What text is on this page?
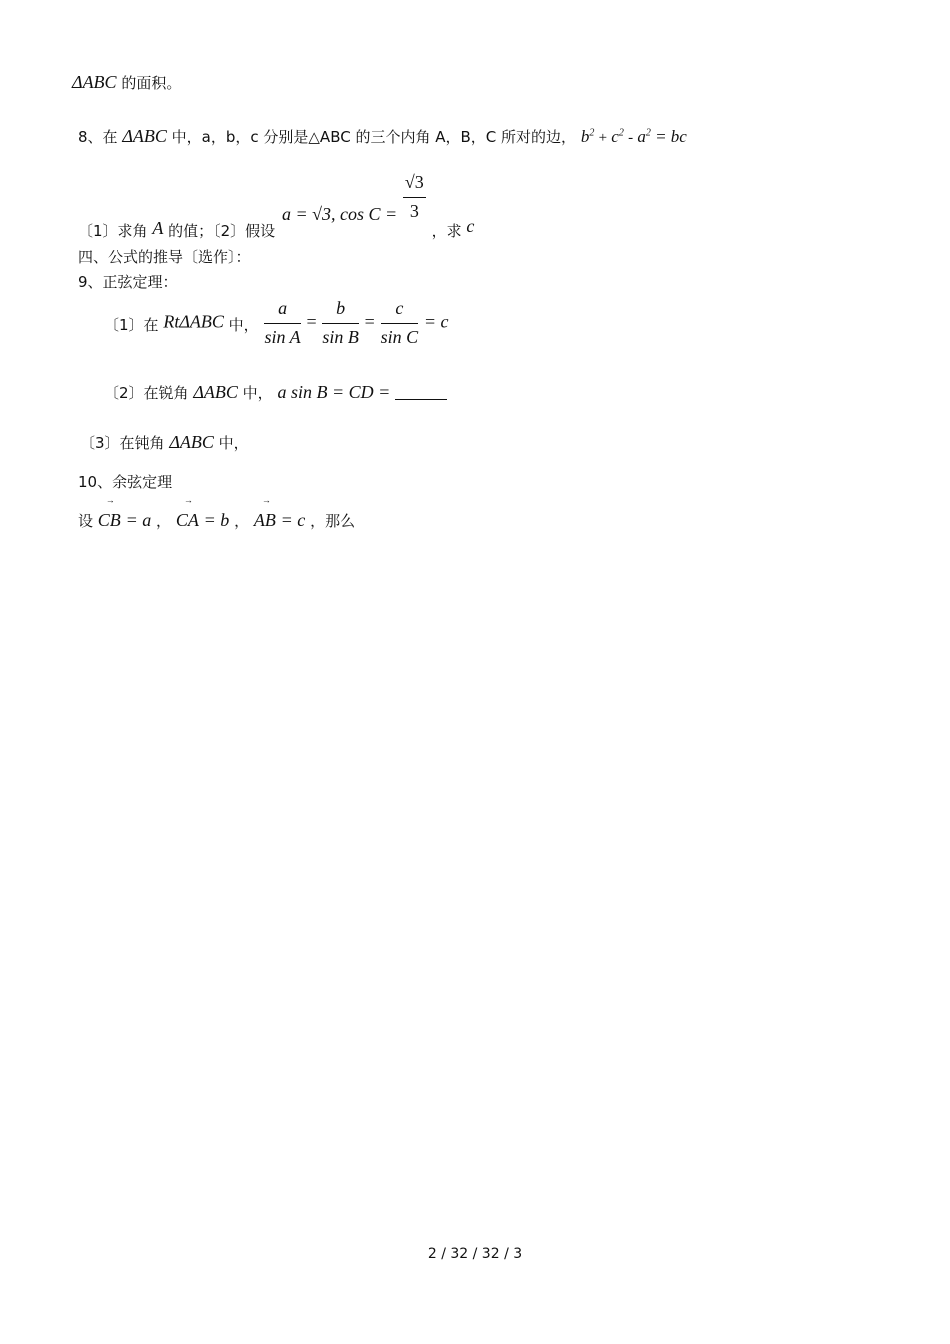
ΔABC 的面积。
8、在 ΔABC 中，a，b，c 分别是△ABC 的三个内角 A，B，C 所对的边， $b^2 + c^2 - a^2$ = bc
〔1〕求角 A 的值；〔2〕假设 a = √3, $\cos C = \frac{√3}{3}$
，求 c
四、公式的推导〔选作〕：
9、正弦定理：
〔1〕在 RtΔABC 中， $\frac{a}{\text{sin A}} = \frac{b}{\text{sin B}} = \frac{c}{\text{sin C}} = c$
〔2〕在锐角 ΔABC 中， a sin B = CD =
〔3〕在钝角 ΔABC 中，
10、余弦定理
设
→
CB = a ，
→
CA = b ，
→
AB = c ，那么
2 / 32 / 32 / 3
